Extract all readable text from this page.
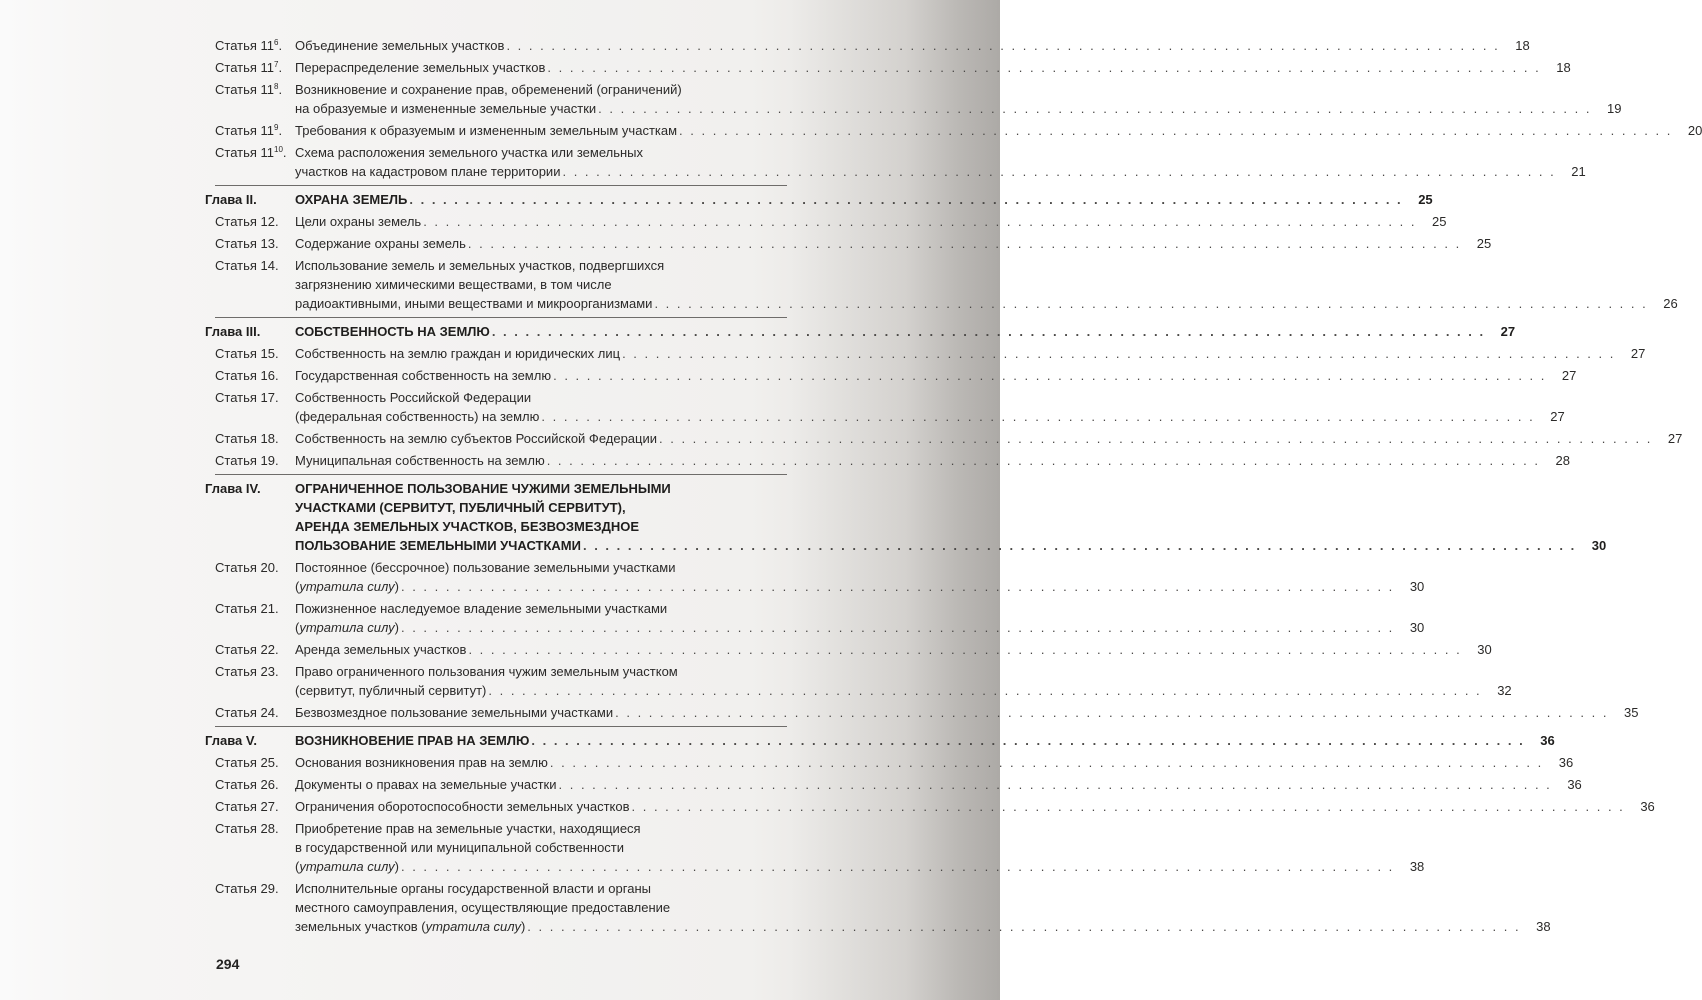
Статья $11^6$. Объединение земельных участков . . .	18
Статья $11^7$. Перераспределение земельных участков . . .	18
Статья $11^8$. Возникновение и сохранение прав, обременений (ограничений)
на образуемые и измененные земельные участки . . .	19
Статья $11^9$. Требования к образуемым и измененным земельным участкам . . .	20
Статья $11^{10}$. Схема расположения земельного участка или земельных
участков на кадастровом плане территории . . .	21
Глава II.	ОХРАНА ЗЕМЕЛЬ . . .	25
Статья 12.	Цели охраны земель . . .	25
Статья 13.	Содержание охраны земель . . .	25
Статья 14.	Использование земель и земельных участков, подвергшихся
загрязнению химическими веществами, в том числе
радиоактивными, иными веществами и микроорганизмами . . .	26
Глава III.	СОБСТВЕННОСТЬ НА ЗЕМЛЮ . . .	27
Статья 15.	Собственность на землю граждан и юридических лиц . . .	27
Статья 16.	Государственная собственность на землю . . .	27
Статья 17.	Собственность Российской Федерации
(федеральная собственность) на землю . . .	27
Статья 18.	Собственность на землю субъектов Российской Федерации . . .	27
Статья 19.	Муниципальная собственность на землю . . .	28
Глава IV.	ОГРАНИЧЕННОЕ ПОЛЬЗОВАНИЕ ЧУЖИМИ ЗЕМЕЛЬНЫМИ
УЧАСТКАМИ (СЕРВИТУТ, ПУБЛИЧНЫЙ СЕРВИТУТ),
АРЕНДА ЗЕМЕЛЬНЫХ УЧАСТКОВ, БЕЗВОЗМЕЗДНОЕ
ПОЛЬЗОВАНИЕ ЗЕМЕЛЬНЫМИ УЧАСТКАМИ . . .	30
Статья 20.	Постоянное (бессрочное) пользование земельными участками
(утратила силу) . . .	30
Статья 21.	Пожизненное наследуемое владение земельными участками
(утратила силу) . . .	30
Статья 22.	Аренда земельных участков . . .	30
Статья 23.	Право ограниченного пользования чужим земельным участком
(сервитут, публичный сервитут) . . .	32
Статья 24.	Безвозмездное пользование земельными участками . . .	35
Глава V.	ВОЗНИКНОВЕНИЕ ПРАВ НА ЗЕМЛЮ . . .	36
Статья 25.	Основания возникновения прав на землю . . .	36
Статья 26.	Документы о правах на земельные участки . . .	36
Статья 27.	Ограничения оборотоспособности земельных участков . . .	36
Статья 28.	Приобретение прав на земельные участки, находящиеся
в государственной или муниципальной собственности
(утратила силу) . . .	38
Статья 29.	Исполнительные органы государственной власти и органы
местного самоуправления, осуществляющие предоставление
земельных участков (утратила силу) . . .	38
294
